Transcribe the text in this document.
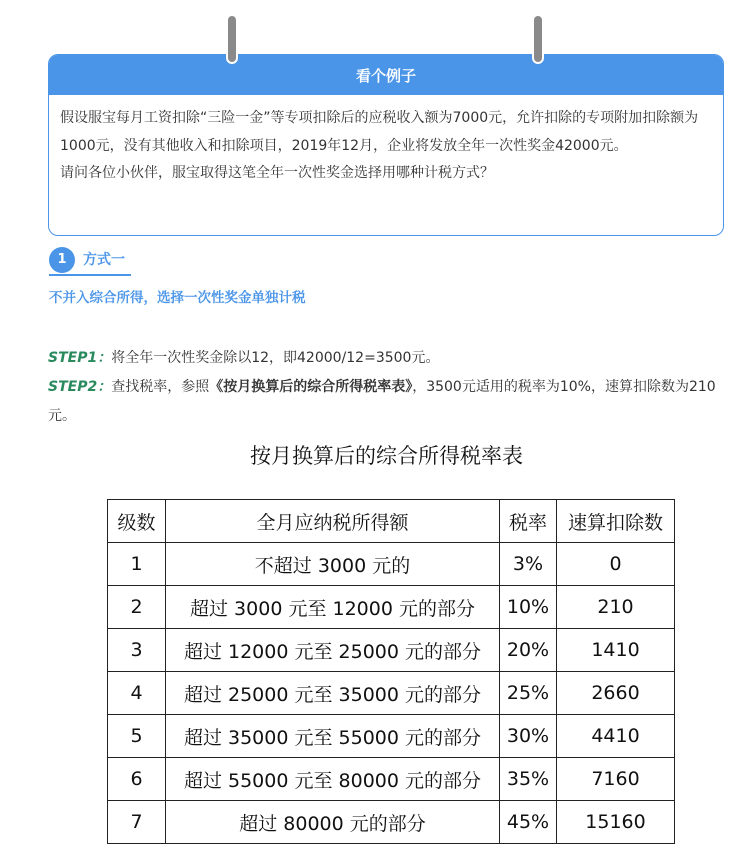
看个例子

假设服宝每月工资扣除“三险一金”等专项扣除后的应税收入额为7000元，允许扣除的专项附加扣除额为1000元，没有其他收入和扣除项目，2019年12月，企业将发放全年一次性奖金42000元。

请问各位小伙伴，服宝取得这笔全年一次性奖金选择用哪种计税方式？

1	方式一
不并入综合所得，选择一次性奖金单独计税

STEP1：将全年一次性奖金除以12，即42000/12=3500元。

STEP2：查找税率，参照《按月换算后的综合所得税率表》，3500元适用的税率为10%，速算扣除数为210元。

按月换算后的综合所得税率表
级数	全月应纳税所得额	税率	速算扣除数
1	不超过 3000 元的	3%	0
2	超过 3000 元至 12000 元的部分	10%	210
3	超过 12000 元至 25000 元的部分	20%	1410
4	超过 25000 元至 35000 元的部分	25%	2660
5	超过 35000 元至 55000 元的部分	30%	4410
6	超过 55000 元至 80000 元的部分	35%	7160
7	超过 80000 元的部分	45%	15160
